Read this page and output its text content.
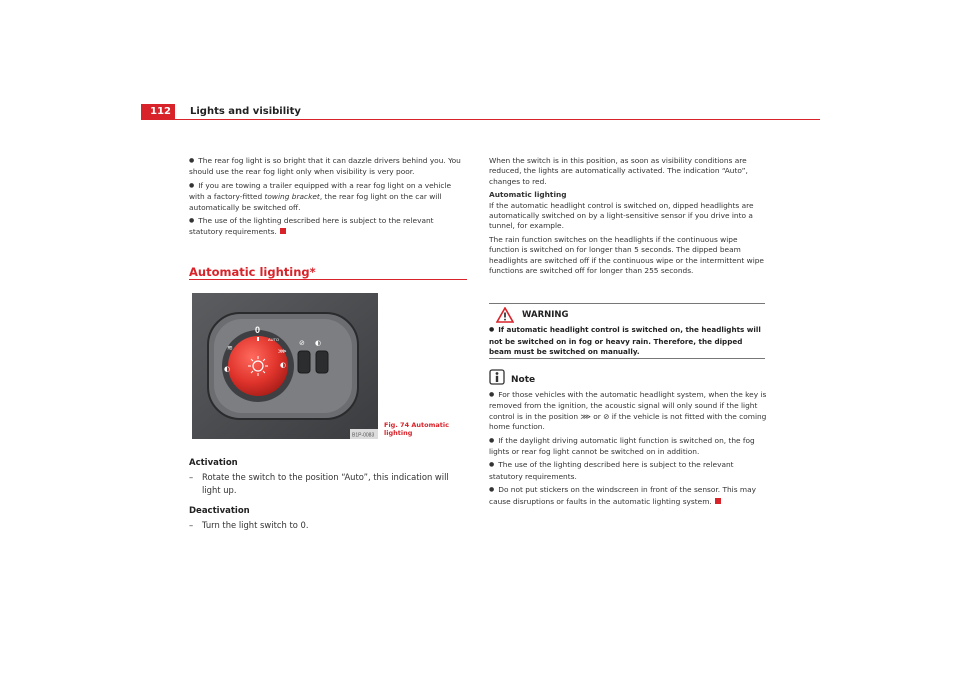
112	Lights and visibility

● The rear fog light is so bright that it can dazzle drivers behind you. You should use the rear fog light only when visibility is very poor.

● If you are towing a trailer equipped with a rear fog light on a vehicle with a factory-fitted towing bracket, the rear fog light on the car will automatically be switched off.

● The use of the lighting described here is subject to the relevant statutory requirements.

Automatic lighting*
0
AUTO
≋
◐
⋙
◐
⊘ ◐
B1P-0083
Fig. 74 Automatic
lighting
Activation
–	Rotate the switch to the position “Auto”, this indication will light up.
Deactivation
–	Turn the light switch to 0.

When the switch is in this position, as soon as visibility conditions are reduced, the lights are automatically activated. The indication “Auto”, changes to red.

Automatic lighting

If the automatic headlight control is switched on, dipped headlights are automatically switched on by a light-sensitive sensor if you drive into a tunnel, for example.

The rain function switches on the headlights if the continuous wipe function is switched on for longer than 5 seconds. The dipped beam headlights are switched off if the continuous wipe or the intermittent wipe functions are switched off for longer than 255 seconds.

WARNING
● If automatic headlight control is switched on, the headlights will not be switched on in fog or heavy rain. Therefore, the dipped beam must be switched on manually.
Note

● For those vehicles with the automatic headlight system, when the key is removed from the ignition, the acoustic signal will only sound if the light control is in the position ⋙ or ⊘ if the vehicle is not fitted with the coming home function.

● If the daylight driving automatic light function is switched on, the fog lights or rear fog light cannot be switched on in addition.

● The use of the lighting described here is subject to the relevant statutory requirements.

● Do not put stickers on the windscreen in front of the sensor. This may cause disruptions or faults in the automatic lighting system.
